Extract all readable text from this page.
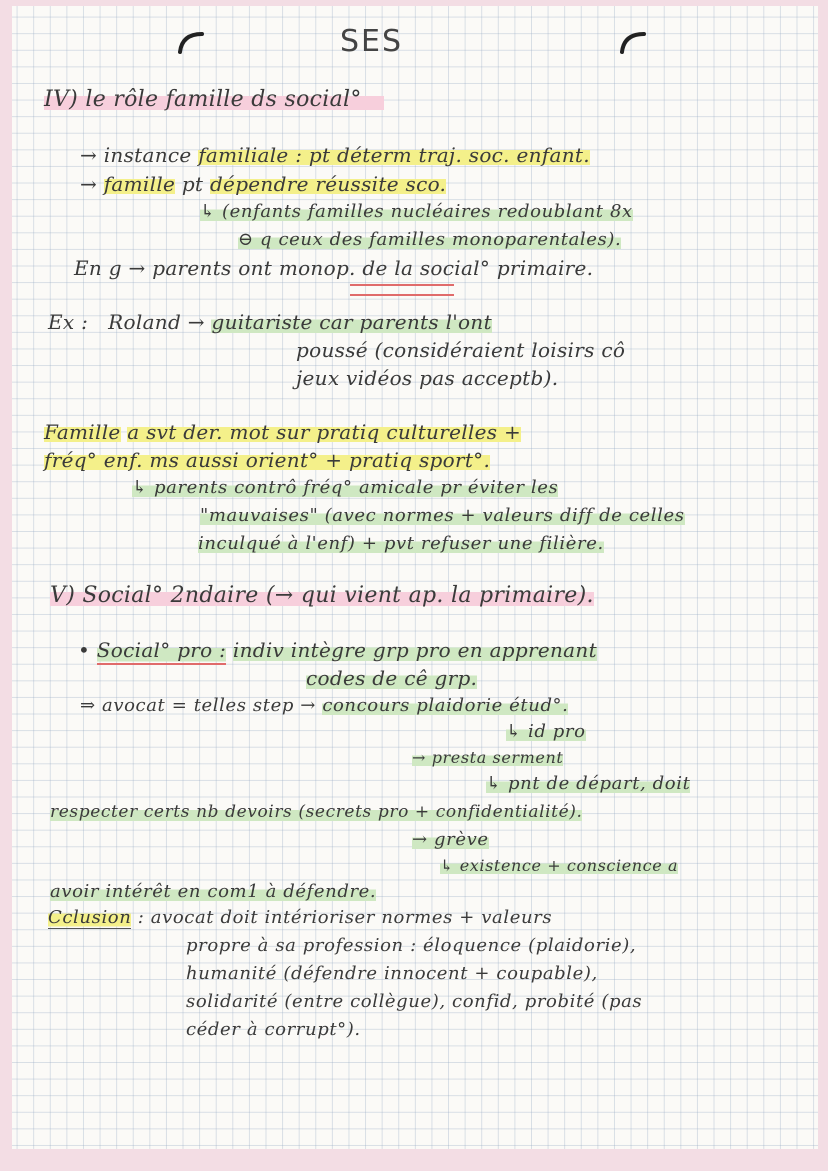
SES
IV) le rôle famille ds social°
→ instance familiale : pt déterm traj. soc. enfant.
→ famille pt dépendre réussite sco.
↳ (enfants familles nucléaires redoublant 8x
⊖ q ceux des familles monoparentales).
En g → parents ont monop. de la social° primaire.
Ex : Roland → guitariste car parents l'ont
poussé (considéraient loisirs cô
jeux vidéos pas acceptb).
Famille a svt der. mot sur pratiq culturelles +
fréq° enf. ms aussi orient° + pratiq sport°.
↳ parents contrô fréq° amicale pr éviter les
"mauvaises" (avec normes + valeurs diff de celles
inculqué à l'enf) + pvt refuser une filière.
V) Social° 2ndaire (→ qui vient ap. la primaire).
• Social° pro : indiv intègre grp pro en apprenant
codes de cê grp.
⇒ avocat = telles step → concours plaidorie étud°.
↳ id pro
→ presta serment
↳ pnt de départ, doit
respecter certs nb devoirs (secrets pro + confidentialité).
→ grève
↳ existence + conscience a
avoir intérêt en com1 à défendre.
Cclusion : avocat doit intérioriser normes + valeurs
propre à sa profession : éloquence (plaidorie),
humanité (défendre innocent + coupable),
solidarité (entre collègue), confid, probité (pas
céder à corrupt°).
